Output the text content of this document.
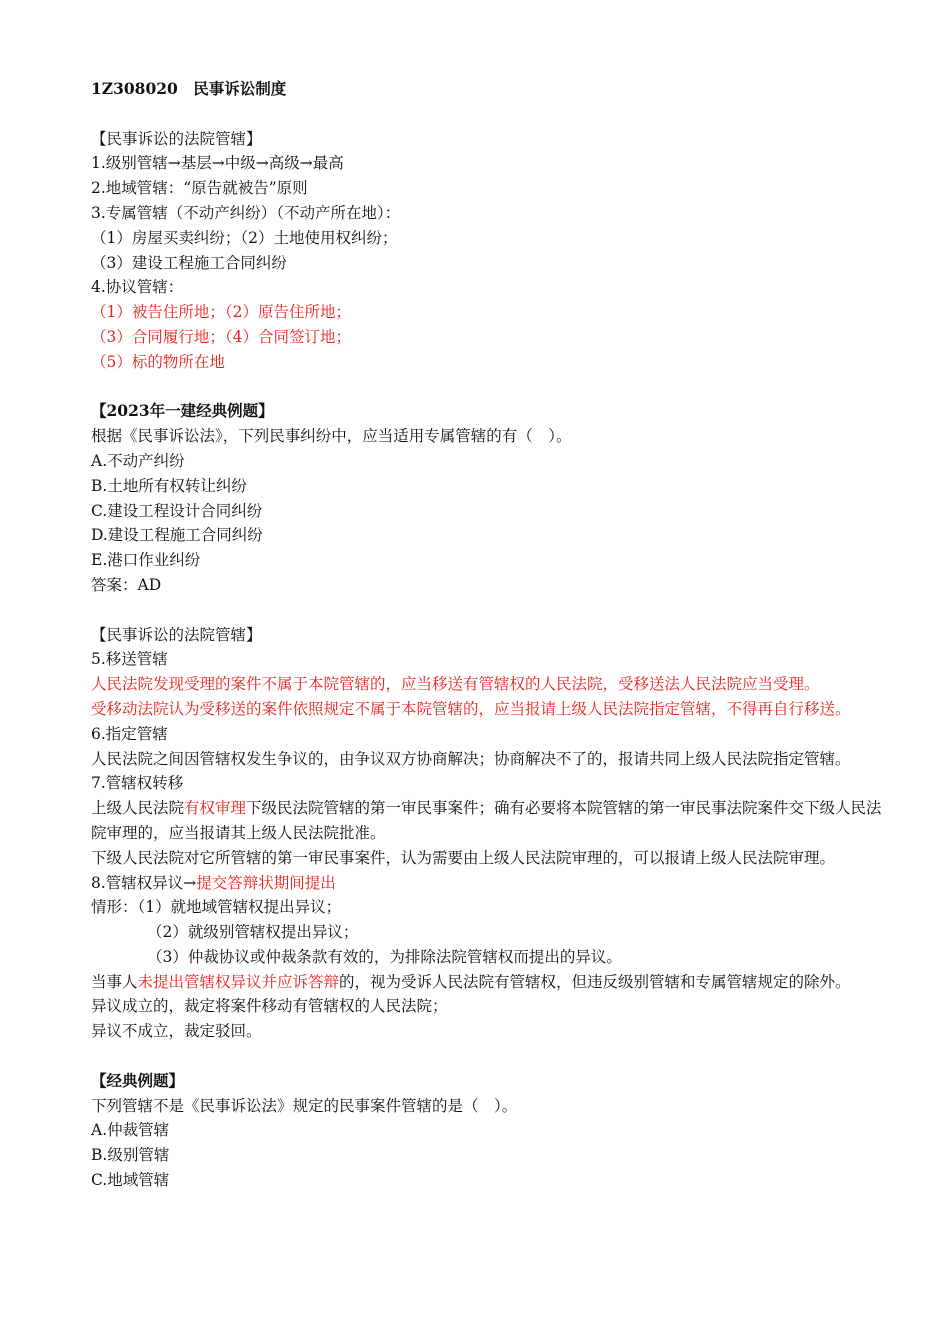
1Z308020　民事诉讼制度
【民事诉讼的法院管辖】
1.级别管辖→基层→中级→高级→最高
2.地域管辖：“原告就被告”原则
3.专属管辖（不动产纠纷）（不动产所在地）：
（1）房屋买卖纠纷；（2）土地使用权纠纷；
（3）建设工程施工合同纠纷
4.协议管辖：
（1）被告住所地；（2）原告住所地；
（3）合同履行地；（4）合同签订地；
（5）标的物所在地
【2023年一建经典例题】
根据《民事诉讼法》，下列民事纠纷中，应当适用专属管辖的有（　）。
A.不动产纠纷
B.土地所有权转让纠纷
C.建设工程设计合同纠纷
D.建设工程施工合同纠纷
E.港口作业纠纷
答案：AD
【民事诉讼的法院管辖】
5.移送管辖
人民法院发现受理的案件不属于本院管辖的，应当移送有管辖权的人民法院，受移送法人民法院应当受理。
受移动法院认为受移送的案件依照规定不属于本院管辖的，应当报请上级人民法院指定管辖，不得再自行移送。
6.指定管辖
人民法院之间因管辖权发生争议的，由争议双方协商解决；协商解决不了的，报请共同上级人民法院指定管辖。
7.管辖权转移
上级人民法院有权审理下级民法院管辖的第一审民事案件；确有必要将本院管辖的第一审民事法院案件交下级人民法院审理的，应当报请其上级人民法院批准。
下级人民法院对它所管辖的第一审民事案件，认为需要由上级人民法院审理的，可以报请上级人民法院审理。
8.管辖权异议→提交答辩状期间提出
情形：（1）就地域管辖权提出异议；
（2）就级别管辖权提出异议；
（3）仲裁协议或仲裁条款有效的，为排除法院管辖权而提出的异议。
当事人未提出管辖权异议并应诉答辩的，视为受诉人民法院有管辖权，但违反级别管辖和专属管辖规定的除外。
异议成立的，裁定将案件移动有管辖权的人民法院；
异议不成立，裁定驳回。
【经典例题】
下列管辖不是《民事诉讼法》规定的民事案件管辖的是（　）。
A.仲裁管辖
B.级别管辖
C.地域管辖
